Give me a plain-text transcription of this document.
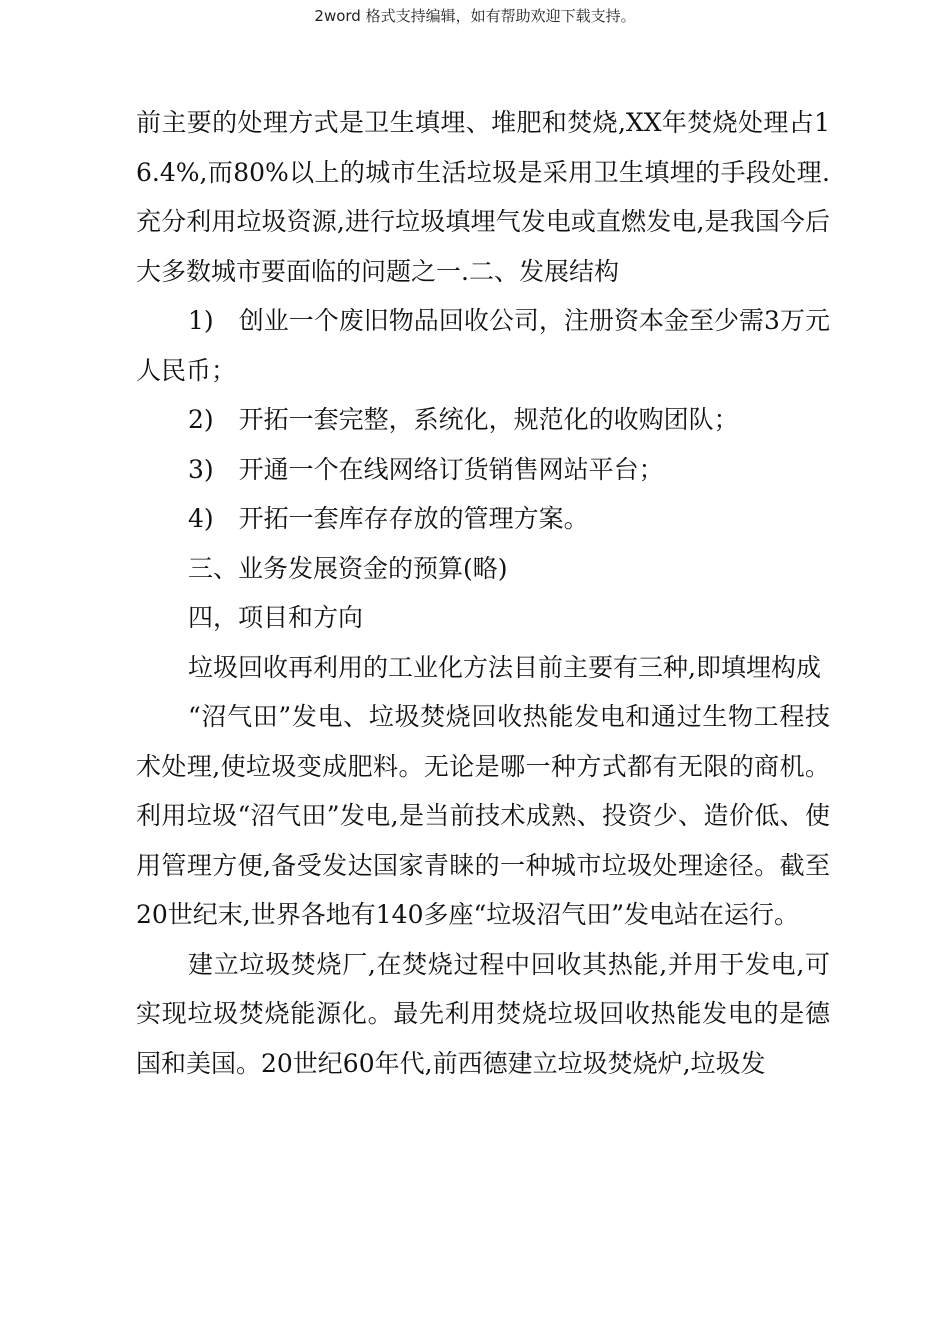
2word 格式支持编辑，如有帮助欢迎下载支持。

前主要的处理方式是卫生填埋、堆肥和焚烧,XX年焚烧处理占16.4%,而80%以上的城市生活垃圾是采用卫生填埋的手段处理.充分利用垃圾资源,进行垃圾填埋气发电或直燃发电,是我国今后大多数城市要面临的问题之一.二、发展结构

1)　创业一个废旧物品回收公司，注册资本金至少需3万元人民币；

2)　开拓一套完整，系统化，规范化的收购团队；

3)　开通一个在线网络订货销售网站平台；

4)　开拓一套库存存放的管理方案。

三、业务发展资金的预算(略)

四，项目和方向

垃圾回收再利用的工业化方法目前主要有三种,即填埋构成

“沼气田”发电、垃圾焚烧回收热能发电和通过生物工程技术处理,使垃圾变成肥料。无论是哪一种方式都有无限的商机。利用垃圾“沼气田”发电,是当前技术成熟、投资少、造价低、使用管理方便,备受发达国家青睐的一种城市垃圾处理途径。截至20世纪末,世界各地有140多座“垃圾沼气田”发电站在运行。

建立垃圾焚烧厂,在焚烧过程中回收其热能,并用于发电,可实现垃圾焚烧能源化。最先利用焚烧垃圾回收热能发电的是德国和美国。20世纪60年代,前西德建立垃圾焚烧炉,垃圾发
